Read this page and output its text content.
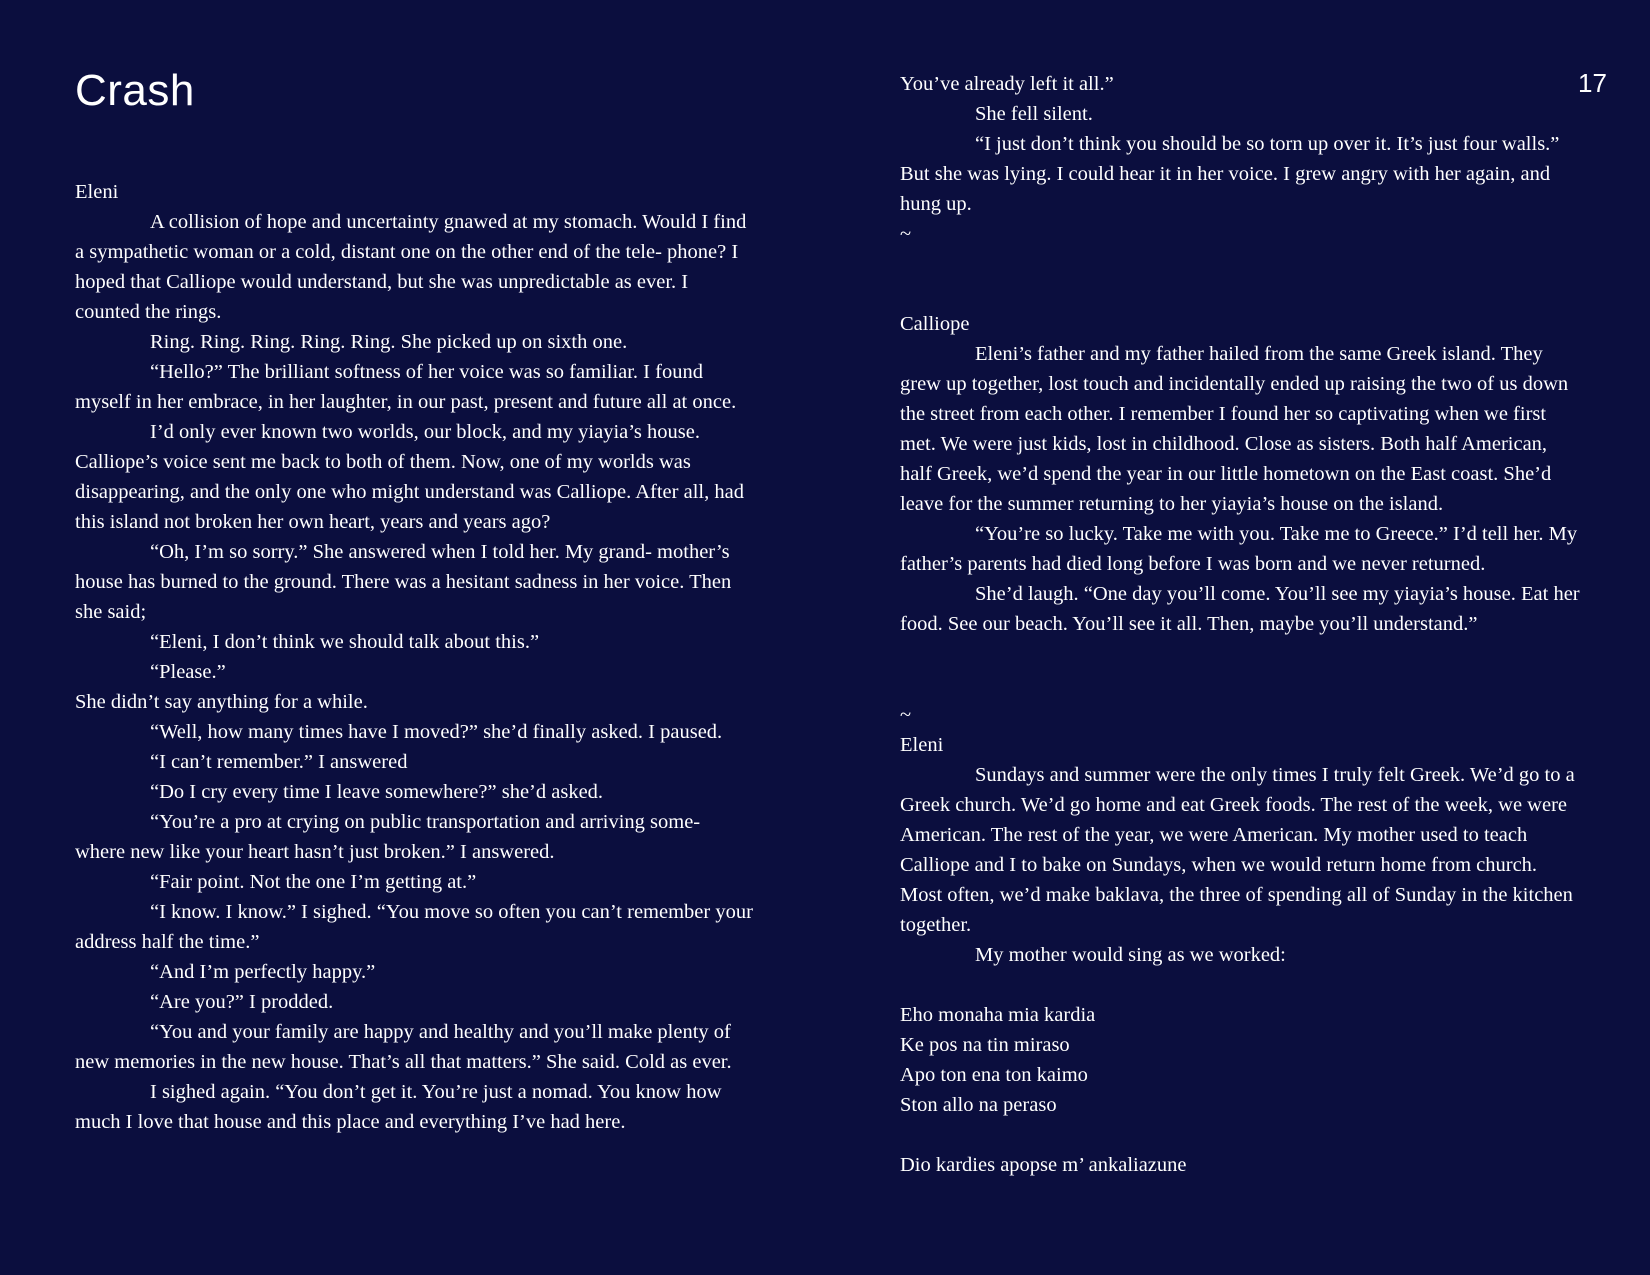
Crash	17

Eleni

A collision of hope and uncertainty gnawed at my stomach. Would I find a sympathetic woman or a cold, distant one on the other end of the tele- phone? I hoped that Calliope would understand, but she was unpredictable as ever. I counted the rings.

Ring. Ring. Ring. Ring. Ring. She picked up on sixth one.

“Hello?” The brilliant softness of her voice was so familiar. I found myself in her embrace, in her laughter, in our past, present and future all at once.

I’d only ever known two worlds, our block, and my yiayia’s house. Calliope’s voice sent me back to both of them. Now, one of my worlds was disappearing, and the only one who might understand was Calliope. After all, had this island not broken her own heart, years and years ago?

“Oh, I’m so sorry.” She answered when I told her. My grand- mother’s house has burned to the ground. There was a hesitant sadness in her voice. Then she said;

“Eleni, I don’t think we should talk about this.”

“Please.”

She didn’t say anything for a while.

“Well, how many times have I moved?” she’d finally asked. I paused.

“I can’t remember.” I answered

“Do I cry every time I leave somewhere?” she’d asked.

“You’re a pro at crying on public transportation and arriving some- where new like your heart hasn’t just broken.” I answered.

“Fair point. Not the one I’m getting at.”

“I know. I know.” I sighed. “You move so often you can’t remember your address half the time.”

“And I’m perfectly happy.”

“Are you?” I prodded.

“You and your family are happy and healthy and you’ll make plenty of new memories in the new house. That’s all that matters.” She said. Cold as ever.

I sighed again. “You don’t get it. You’re just a nomad. You know how much I love that house and this place and everything I’ve had here.

You’ve already left it all.”

She fell silent.

“I just don’t think you should be so torn up over it. It’s just four walls.” But she was lying. I could hear it in her voice. I grew angry with her again, and hung up.

~

Calliope

Eleni’s father and my father hailed from the same Greek island. They grew up together, lost touch and incidentally ended up raising the two of us down the street from each other. I remember I found her so captivating when we first met. We were just kids, lost in childhood. Close as sisters. Both half American, half Greek, we’d spend the year in our little hometown on the East coast. She’d leave for the summer returning to her yiayia’s house on the island.

“You’re so lucky. Take me with you. Take me to Greece.” I’d tell her. My father’s parents had died long before I was born and we never returned.

She’d laugh. “One day you’ll come. You’ll see my yiayia’s house. Eat her food. See our beach. You’ll see it all. Then, maybe you’ll understand.”

~

Eleni

Sundays and summer were the only times I truly felt Greek. We’d go to a Greek church. We’d go home and eat Greek foods. The rest of the week, we were American. The rest of the year, we were American. My mother used to teach Calliope and I to bake on Sundays, when we would return home from church. Most often, we’d make baklava, the three of spending all of Sunday in the kitchen together.

My mother would sing as we worked:

Eho monaha mia kardia

Ke pos na tin miraso

Apo ton ena ton kaimo

Ston allo na peraso

Dio kardies apopse m’ ankaliazune
